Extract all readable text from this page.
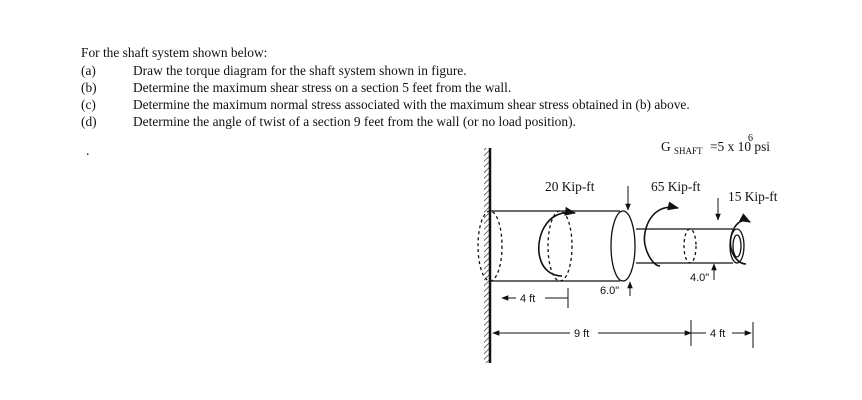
For the shaft system shown below:
(a)	Draw the torque diagram for the shaft system shown in figure.
(b)	Determine the maximum shear stress on a section 5 feet from the wall.
(c)	Determine the maximum normal stress associated with the maximum shear stress obtained in (b) above.
(d)	Determine the angle of twist of a section 9 feet from the wall (or no load position).
.	G SHAFT =5 x 10 psi
6
20 Kip-ft	65 Kip-ft
15 Kip-ft
6.0"
4.0"
4 ft
9 ft	4 ft
